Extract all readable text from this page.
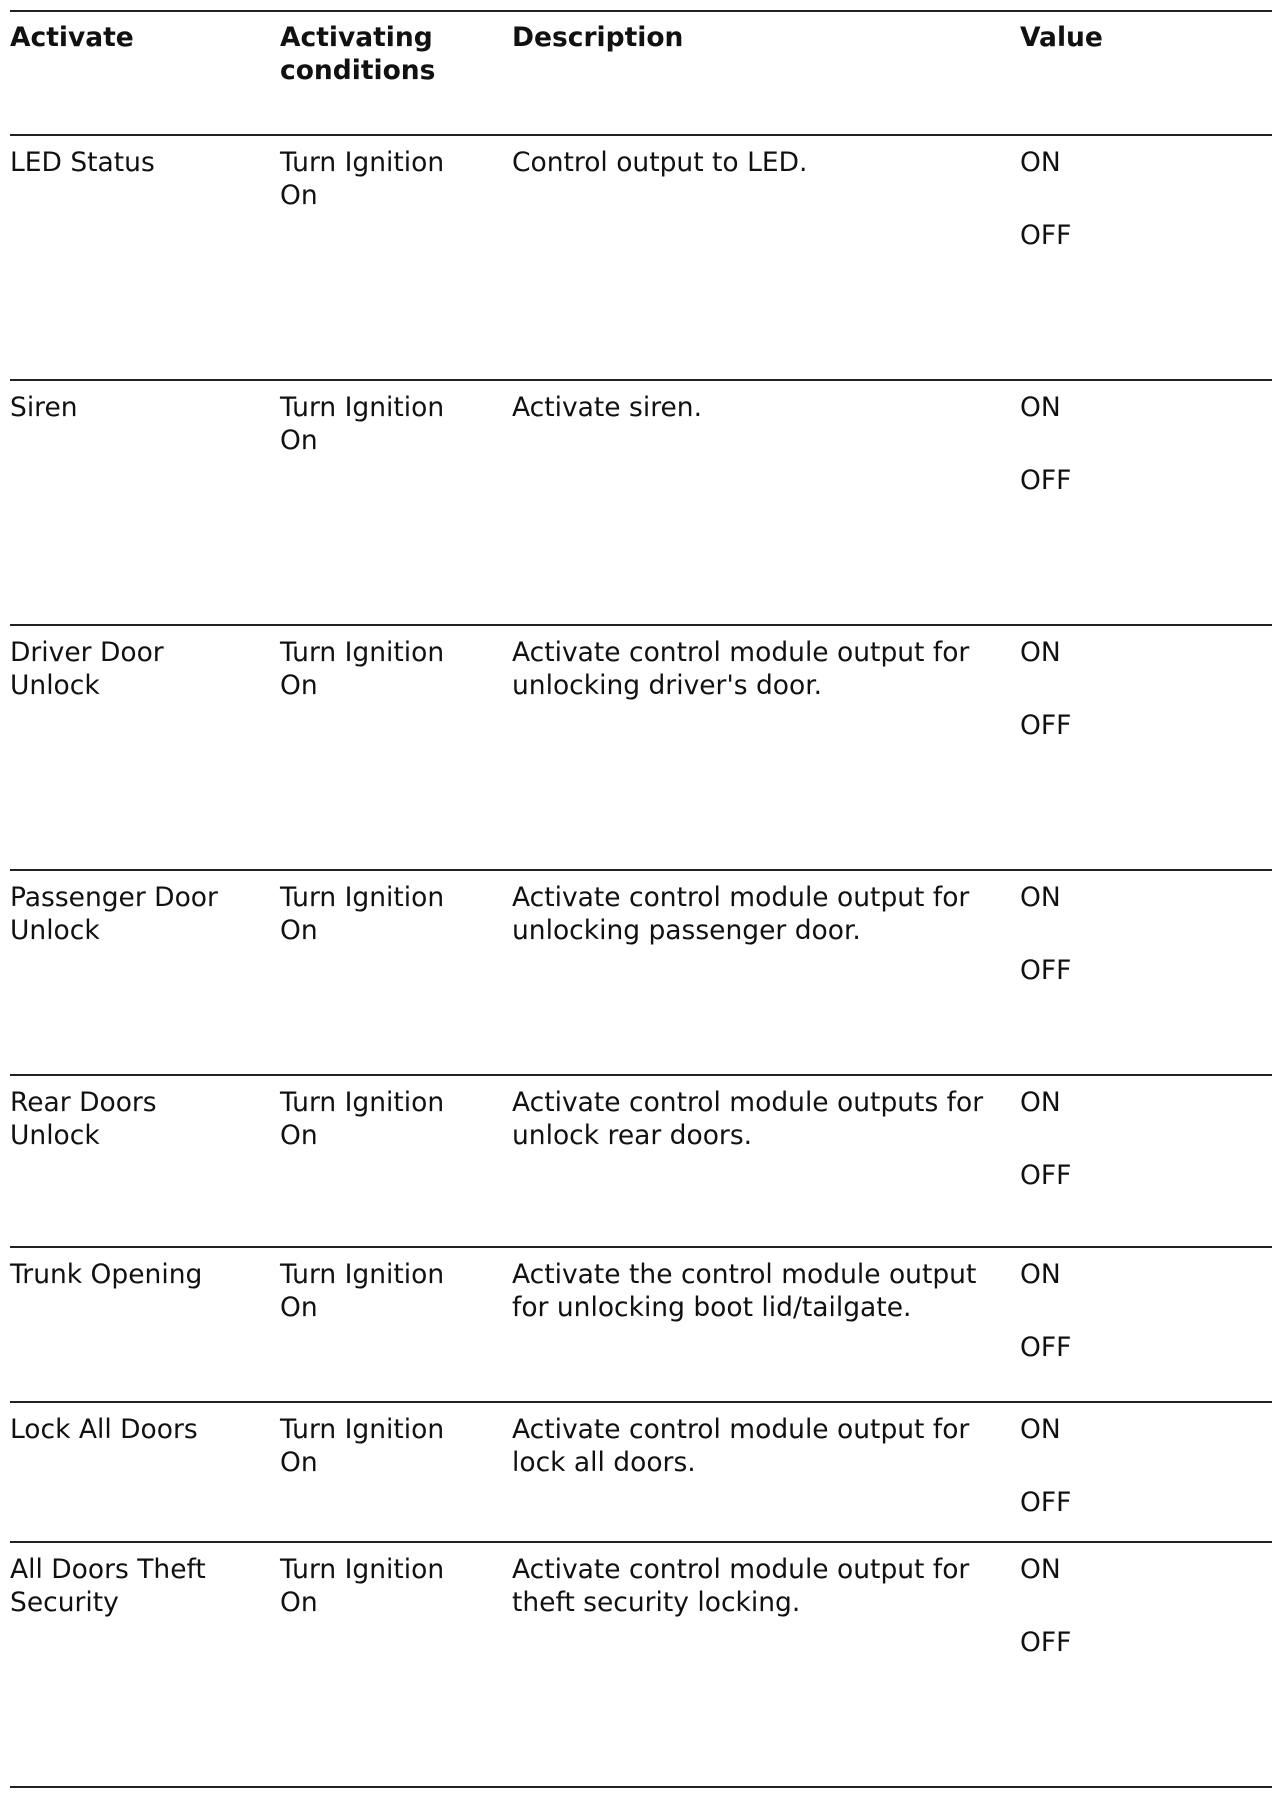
Activate	Activating conditions	Description	Value

LED Status	Turn Ignition On	Control output to LED.	ON
OFF

Siren	Turn Ignition On	Activate siren.	ON
OFF

Driver Door Unlock	Turn Ignition On	Activate control module output for unlocking driver's door.	ON
OFF

Passenger Door Unlock	Turn Ignition On	Activate control module output for unlocking passenger door.	ON
OFF

Rear Doors Unlock	Turn Ignition On	Activate control module outputs for unlock rear doors.	ON
OFF

Trunk Opening	Turn Ignition On	Activate the control module output for unlocking boot lid/tailgate.	ON
OFF

Lock All Doors	Turn Ignition On	Activate control module output for lock all doors.	ON
OFF

All Doors Theft Security	Turn Ignition On	Activate control module output for theft security locking.	ON
OFF
